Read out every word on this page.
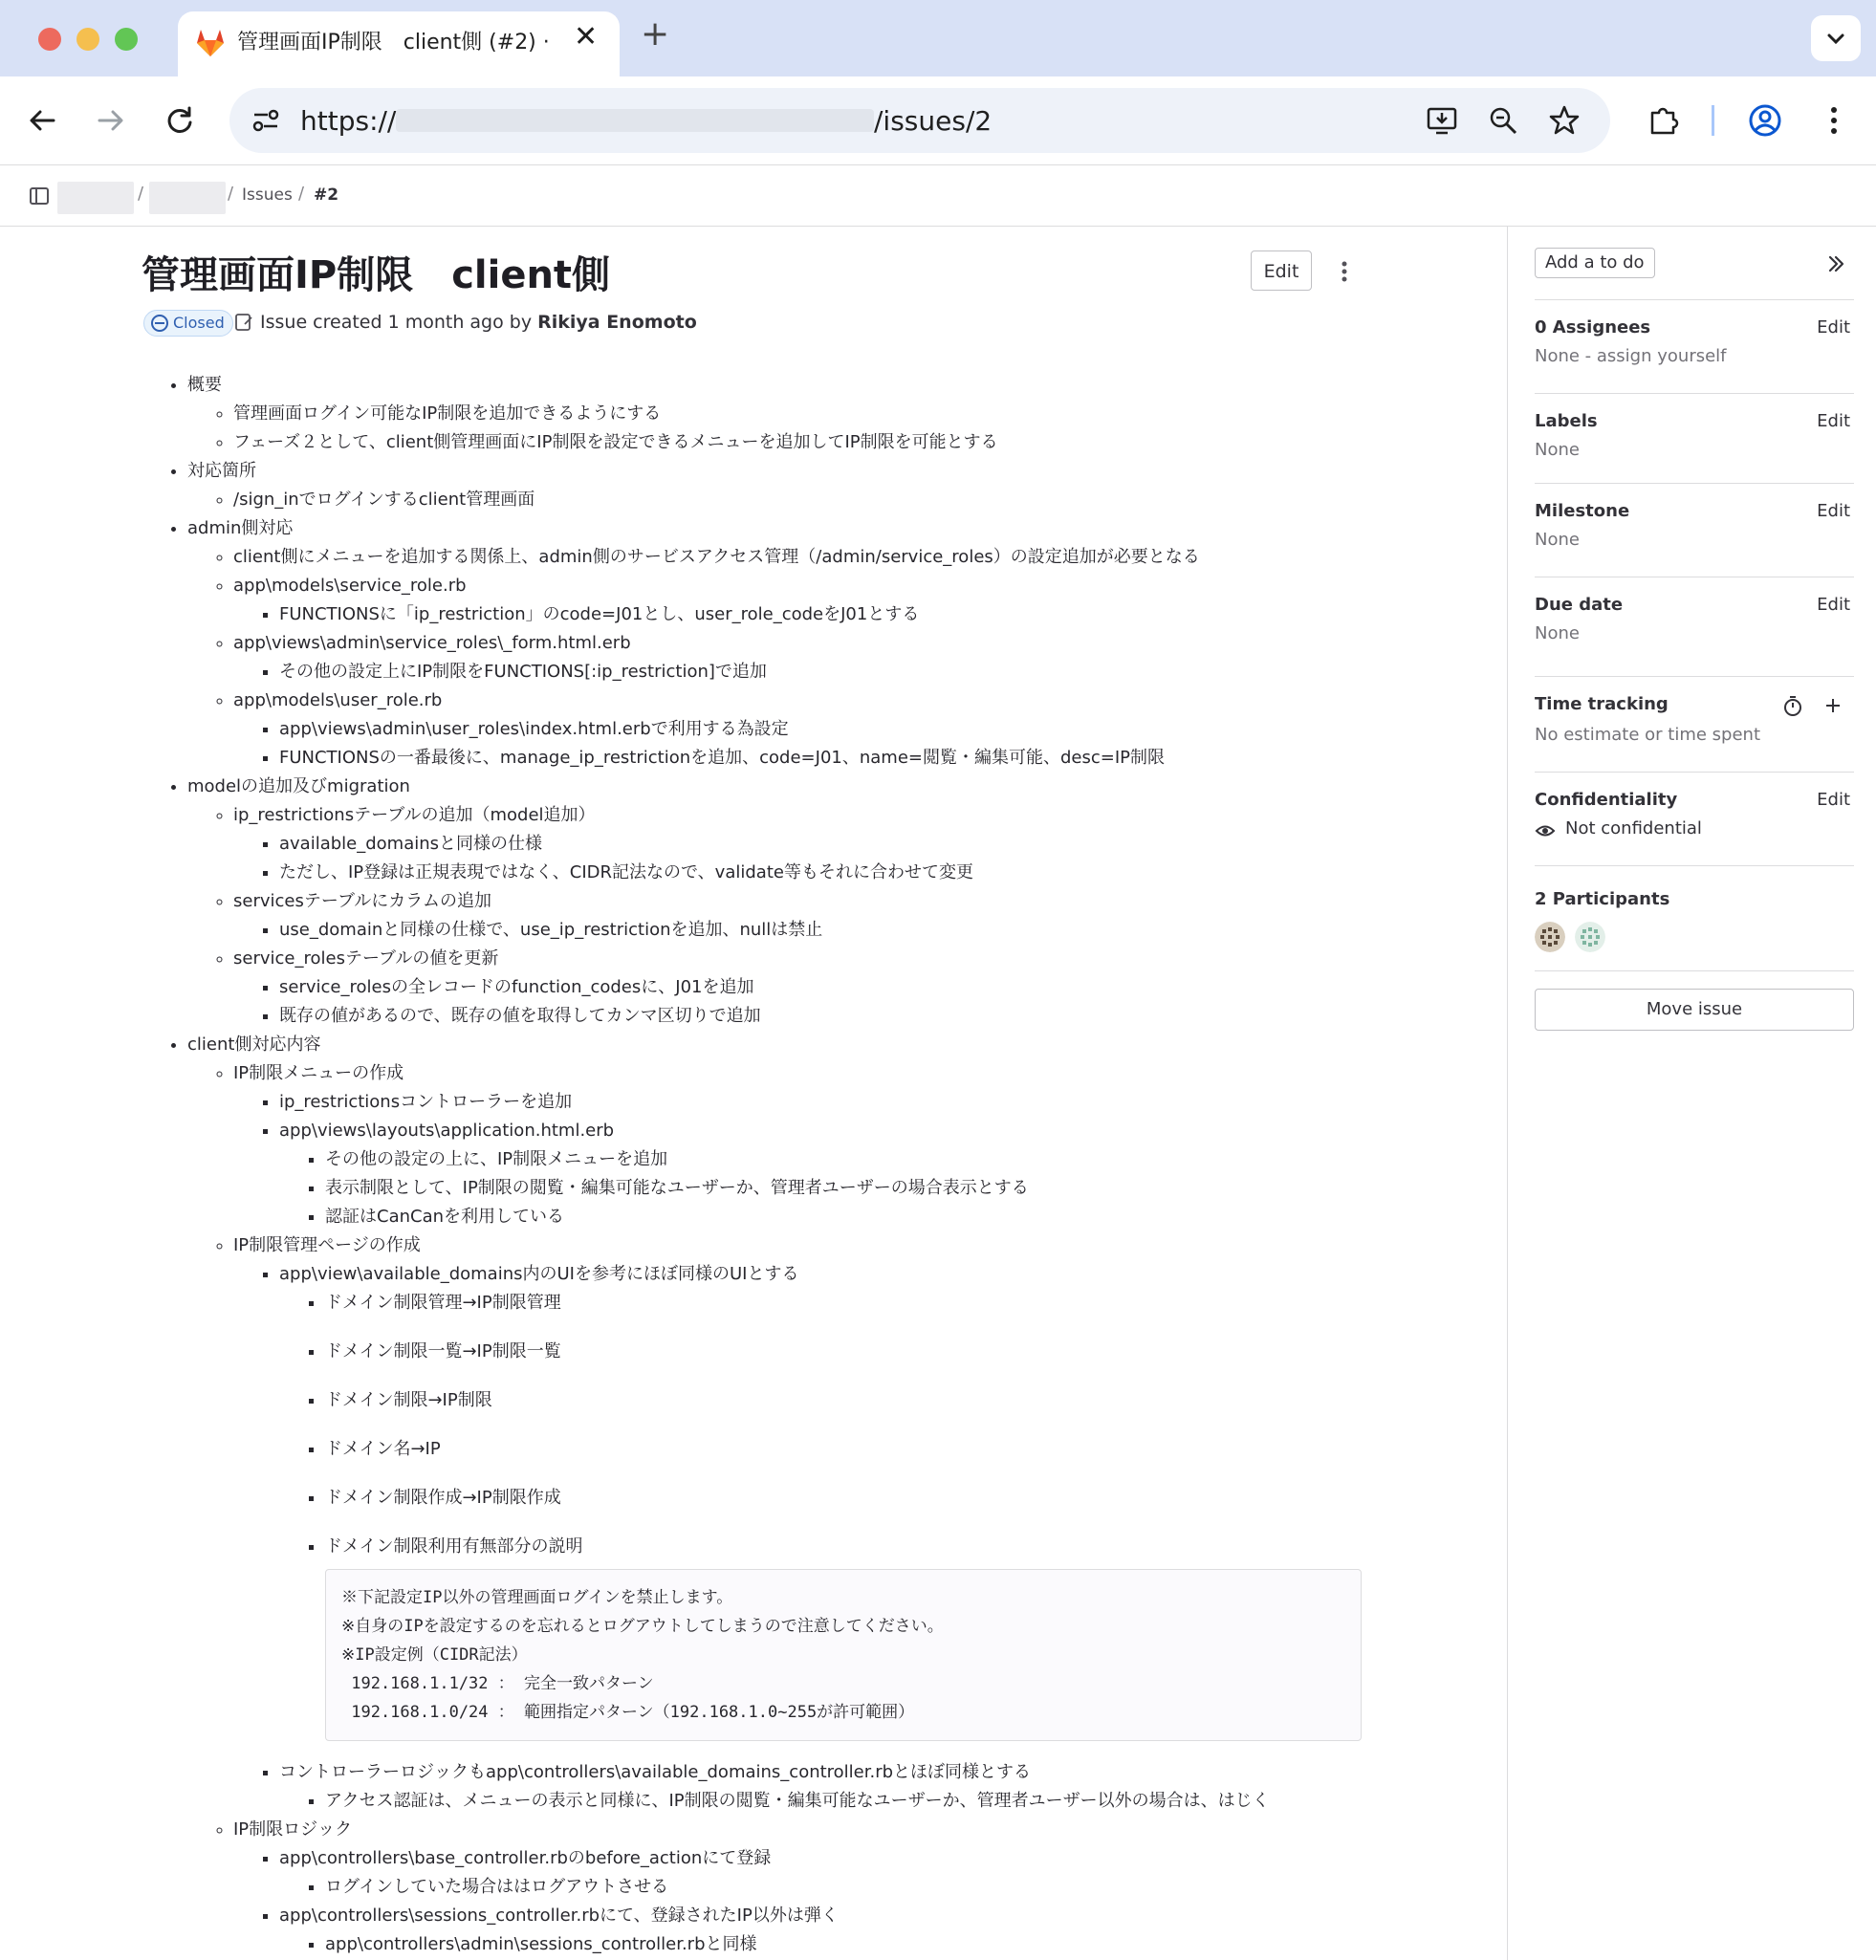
管理画面IP制限　client側 (#2) · ✕ +
https://	/issues/2
/	/ Issues / #2
管理画面IP制限　client側	Edit
Closed Issue created 1 month ago by Rikiya Enomoto
• 概要
◦ 管理画面ログイン可能なIP制限を追加できるようにする
◦ フェーズ２として、client側管理画面にIP制限を設定できるメニューを追加してIP制限を可能とする
• 対応箇所
◦ /sign_inでログインするclient管理画面
• admin側対応
◦ client側にメニューを追加する関係上、admin側のサービスアクセス管理（/admin/service_roles）の設定追加が必要となる
◦ app\models\service_role.rb
▪ FUNCTIONSに「ip_restriction」のcode=J01とし、user_role_codeをJ01とする
◦ app\views\admin\service_roles\_form.html.erb
▪ その他の設定上にIP制限をFUNCTIONS[:ip_restriction]で追加
◦ app\models\user_role.rb
▪ app\views\admin\user_roles\index.html.erbで利用する為設定
▪ FUNCTIONSの一番最後に、manage_ip_restrictionを追加、code=J01、name=閲覧・編集可能、desc=IP制限
• modelの追加及びmigration
◦ ip_restrictionsテーブルの追加（model追加）
▪ available_domainsと同様の仕様
▪ ただし、IP登録は正規表現ではなく、CIDR記法なので、validate等もそれに合わせて変更
◦ servicesテーブルにカラムの追加
▪ use_domainと同様の仕様で、use_ip_restrictionを追加、nullは禁止
◦ service_rolesテーブルの値を更新
▪ service_rolesの全レコードのfunction_codesに、J01を追加
▪ 既存の値があるので、既存の値を取得してカンマ区切りで追加
• client側対応内容
◦ IP制限メニューの作成
▪ ip_restrictionsコントローラーを追加
▪ app\views\layouts\application.html.erb
▪ その他の設定の上に、IP制限メニューを追加
▪ 表示制限として、IP制限の閲覧・編集可能なユーザーか、管理者ユーザーの場合表示とする
▪ 認証はCanCanを利用している
◦ IP制限管理ページの作成
▪ app\view\available_domains内のUIを参考にほぼ同様のUIとする
▪ ドメイン制限管理→IP制限管理
▪ ドメイン制限一覧→IP制限一覧
▪ ドメイン制限→IP制限
▪ ドメイン名→IP
▪ ドメイン制限作成→IP制限作成
▪ ドメイン制限利用有無部分の説明
※下記設定IP以外の管理画面ログインを禁止します。
※自身のIPを設定するのを忘れるとログアウトしてしまうので注意してください。
※IP設定例（CIDR記法）
192.168.1.1/32 ： 完全一致パターン
192.168.1.0/24 ： 範囲指定パターン（192.168.1.0~255が許可範囲）
▪ コントローラーロジックもapp\controllers\available_domains_controller.rbとほぼ同様とする
▪ アクセス認証は、メニューの表示と同様に、IP制限の閲覧・編集可能なユーザーか、管理者ユーザー以外の場合は、はじく
◦ IP制限ロジック
▪ app\controllers\base_controller.rbのbefore_actionにて登録
▪ ログインしていた場合ははログアウトさせる
▪ app\controllers\sessions_controller.rbにて、登録されたIP以外は弾く
▪ app\controllers\admin\sessions_controller.rbと同様
Add a to do
0 Assignees	Edit
None - assign yourself
Labels	Edit
None
Milestone	Edit
None
Due date	Edit
None
Time tracking
No estimate or time spent
Confidentiality	Edit
Not confidential
2 Participants
Move issue
